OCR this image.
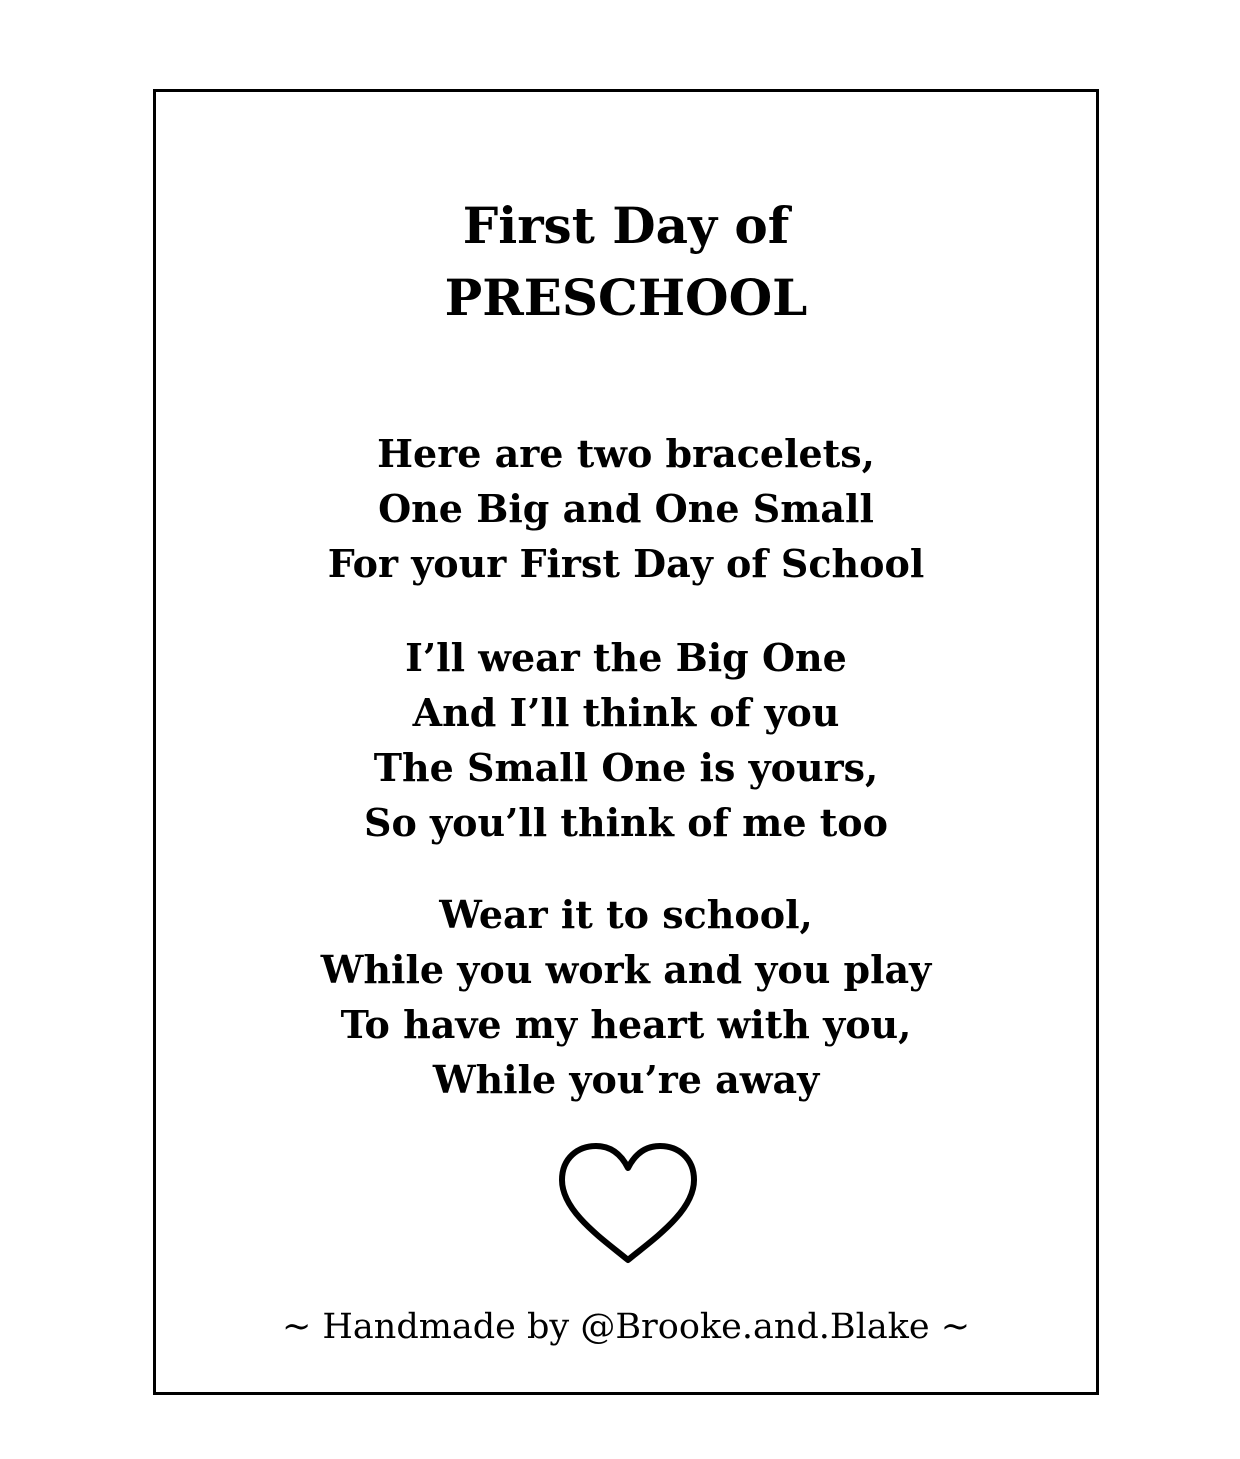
First Day of
PRESCHOOL
Here are two bracelets,
One Big and One Small
For your First Day of School
I’ll wear the Big One
And I’ll think of you
The Small One is yours,
So you’ll think of me too
Wear it to school,
While you work and you play
To have my heart with you,
While you’re away
~ Handmade by @Brooke.and.Blake ~
